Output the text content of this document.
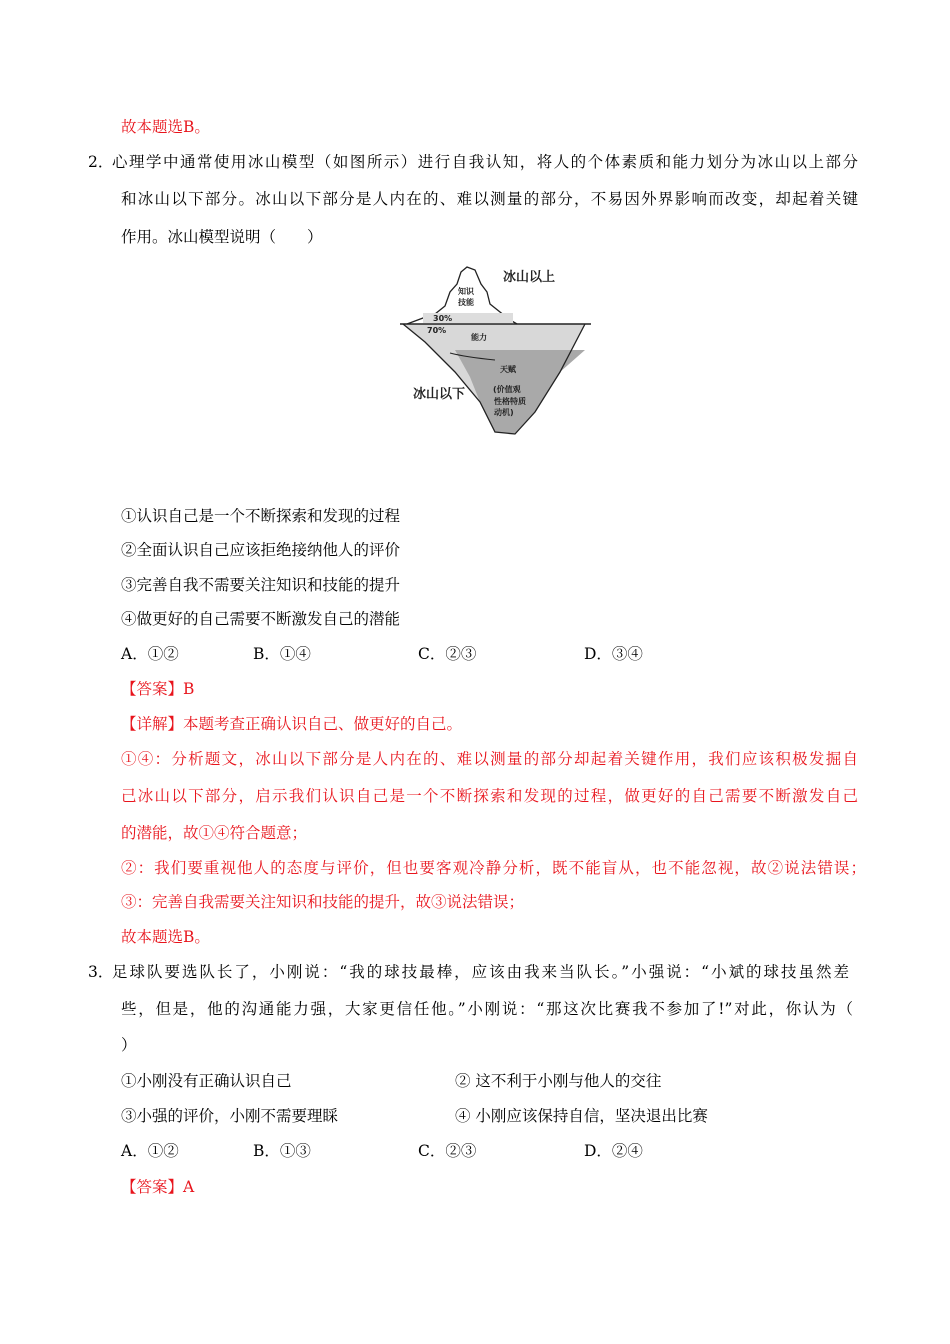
故本题选B。
2．
心理学中通常使用冰山模型（如图所示）进行自我认知，将人的个体素质和能力划分为冰山以上部分
和冰山以下部分。冰山以下部分是人内在的、难以测量的部分，不易因外界影响而改变，却起着关键
作用。冰山模型说明（　　）
知识
技能
30%
70%
能力
天赋
(价值观
性格特质
动机)
冰山以上
冰山以下
①认识自己是一个不断探索和发现的过程
②全面认识自己应该拒绝接纳他人的评价
③完善自我不需要关注知识和技能的提升
④做更好的自己需要不断激发自己的潜能
A．①②	B．①④	C．②③	D．③④
【答案】B
【详解】本题考查正确认识自己、做更好的自己。
①④：分析题文，冰山以下部分是人内在的、难以测量的部分却起着关键作用，我们应该积极发掘自
己冰山以下部分，启示我们认识自己是一个不断探索和发现的过程，做更好的自己需要不断激发自己
的潜能，故①④符合题意；
②：我们要重视他人的态度与评价，但也要客观冷静分析，既不能盲从，也不能忽视，故②说法错误；
③：完善自我需要关注知识和技能的提升，故③说法错误；
故本题选B。
3．
足球队要选队长了，小刚说：“我的球技最棒，应该由我来当队长。”小强说：“小斌的球技虽然差
些，但是，他的沟通能力强，大家更信任他。”小刚说：“那这次比赛我不参加了!”对此，你认为（
）
①小刚没有正确认识自己	② 这不利于小刚与他人的交往
③小强的评价，小刚不需要理睬	④ 小刚应该保持自信，坚决退出比赛
A．①②	B．①③	C．②③	D．②④
【答案】A
